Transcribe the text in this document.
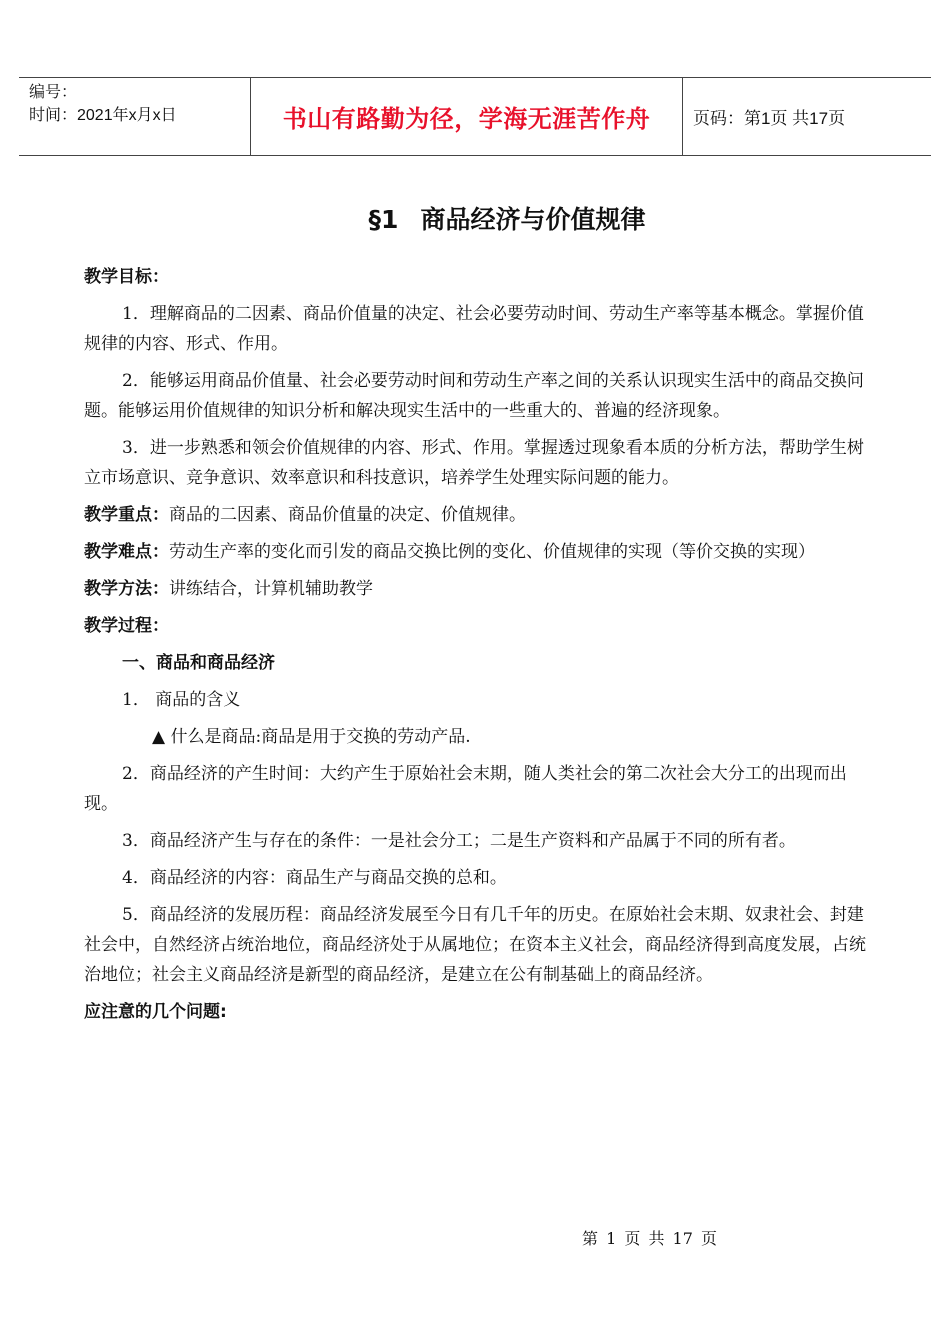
编号：
时间：2021年x月x日	书山有路勤为径，学海无涯苦作舟	页码：第1页 共17页
§1 商品经济与价值规律

教学目标：

1．理解商品的二因素、商品价值量的决定、社会必要劳动时间、劳动生产率等基本概念。掌握价值规律的内容、形式、作用。

2．能够运用商品价值量、社会必要劳动时间和劳动生产率之间的关系认识现实生活中的商品交换问题。能够运用价值规律的知识分析和解决现实生活中的一些重大的、普遍的经济现象。

3．进一步熟悉和领会价值规律的内容、形式、作用。掌握透过现象看本质的分析方法，帮助学生树立市场意识、竞争意识、效率意识和科技意识，培养学生处理实际问题的能力。

教学重点：商品的二因素、商品价值量的决定、价值规律。

教学难点：劳动生产率的变化而引发的商品交换比例的变化、价值规律的实现（等价交换的实现）

教学方法：讲练结合，计算机辅助教学

教学过程：

一、商品和商品经济

1． 商品的含义

▲ 什么是商品:商品是用于交换的劳动产品.

2．商品经济的产生时间：大约产生于原始社会末期，随人类社会的第二次社会大分工的出现而出现。

3．商品经济产生与存在的条件：一是社会分工；二是生产资料和产品属于不同的所有者。

4．商品经济的内容：商品生产与商品交换的总和。

5．商品经济的发展历程：商品经济发展至今日有几千年的历史。在原始社会末期、奴隶社会、封建社会中，自然经济占统治地位，商品经济处于从属地位；在资本主义社会，商品经济得到高度发展，占统治地位；社会主义商品经济是新型的商品经济，是建立在公有制基础上的商品经济。

应注意的几个问题:

第 1 页 共 17 页
